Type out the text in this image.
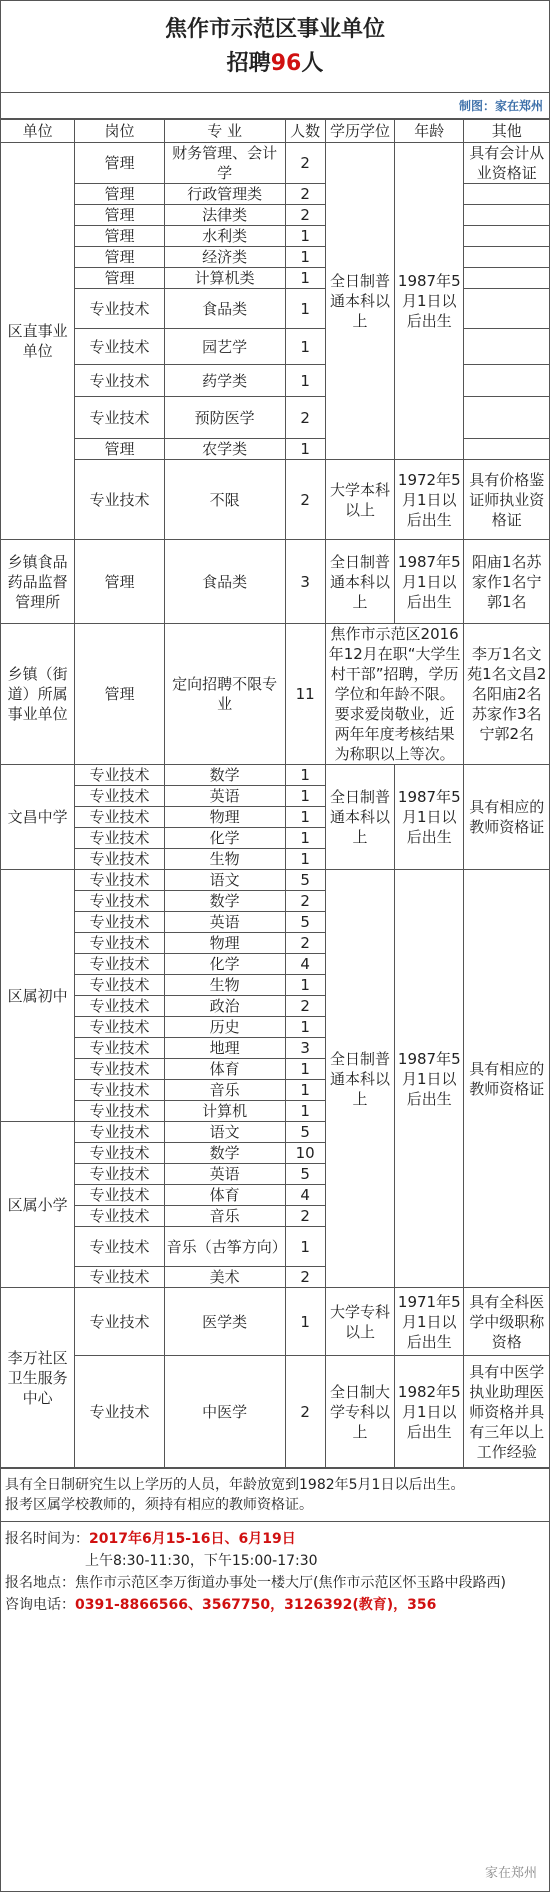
焦作市示范区事业单位
招聘96人
制图：家在郑州
单位	岗位	专 业	人数	学历学位	年龄	其他
区直事业单位	管理	财务管理、会计学	2	全日制普通本科以上	1987年5月1日以后出生	具有会计从业资格证
	管理	行政管理类	2			
	管理	法律类	2			
	管理	水利类	1			
	管理	经济类	1			
	管理	计算机类	1			
	专业技术	食品类	1			
	专业技术	园艺学	1			
	专业技术	药学类	1			
	专业技术	预防医学	2			
	管理	农学类	1			
	专业技术	不限	2	大学本科以上	1972年5月1日以后出生	具有价格鉴证师执业资格证
乡镇食品药品监督管理所	管理	食品类	3	全日制普通本科以上	1987年5月1日以后出生	阳庙1名苏家作1名宁郭1名
乡镇（街道）所属事业单位	管理	定向招聘不限专业	11	焦作市示范区2016年12月在职“大学生村干部”招聘，学历学位和年龄不限。要求爱岗敬业，近两年年度考核结果为称职以上等次。		李万1名文苑1名文昌2名阳庙2名苏家作3名宁郭2名
文昌中学	专业技术	数学	1	全日制普通本科以上	1987年5月1日以后出生	具有相应的教师资格证
	专业技术	英语	1			
	专业技术	物理	1			
	专业技术	化学	1			
	专业技术	生物	1			
区属初中	专业技术	语文	5	全日制普通本科以上	1987年5月1日以后出生	具有相应的教师资格证
	专业技术	数学	2			
	专业技术	英语	5			
	专业技术	物理	2			
	专业技术	化学	4			
	专业技术	生物	1			
	专业技术	政治	2			
	专业技术	历史	1			
	专业技术	地理	3			
	专业技术	体育	1			
	专业技术	音乐	1			
	专业技术	计算机	1			
区属小学	专业技术	语文	5			
	专业技术	数学	10			
	专业技术	英语	5			
	专业技术	体育	4			
	专业技术	音乐	2			
	专业技术	音乐（古筝方向）	1			
	专业技术	美术	2			
李万社区卫生服务中心	专业技术	医学类	1	大学专科以上	1971年5月1日以后出生	具有全科医学中级职称资格
	专业技术	中医学	2	全日制大学专科以上	1982年5月1日以后出生	具有中医学执业助理医师资格并具有三年以上工作经验
具有全日制研究生以上学历的人员，年龄放宽到1982年5月1日以后出生。
报考区属学校教师的，须持有相应的教师资格证。
报名时间为：2017年6月15-16日、6月19日
上午8:30-11:30，下午15:00-17:30
报名地点：焦作市示范区李万街道办事处一楼大厅(焦作市示范区怀玉路中段路西)
咨询电话：0391-8866566、3567750，3126392(教育)，356
家在郑州
